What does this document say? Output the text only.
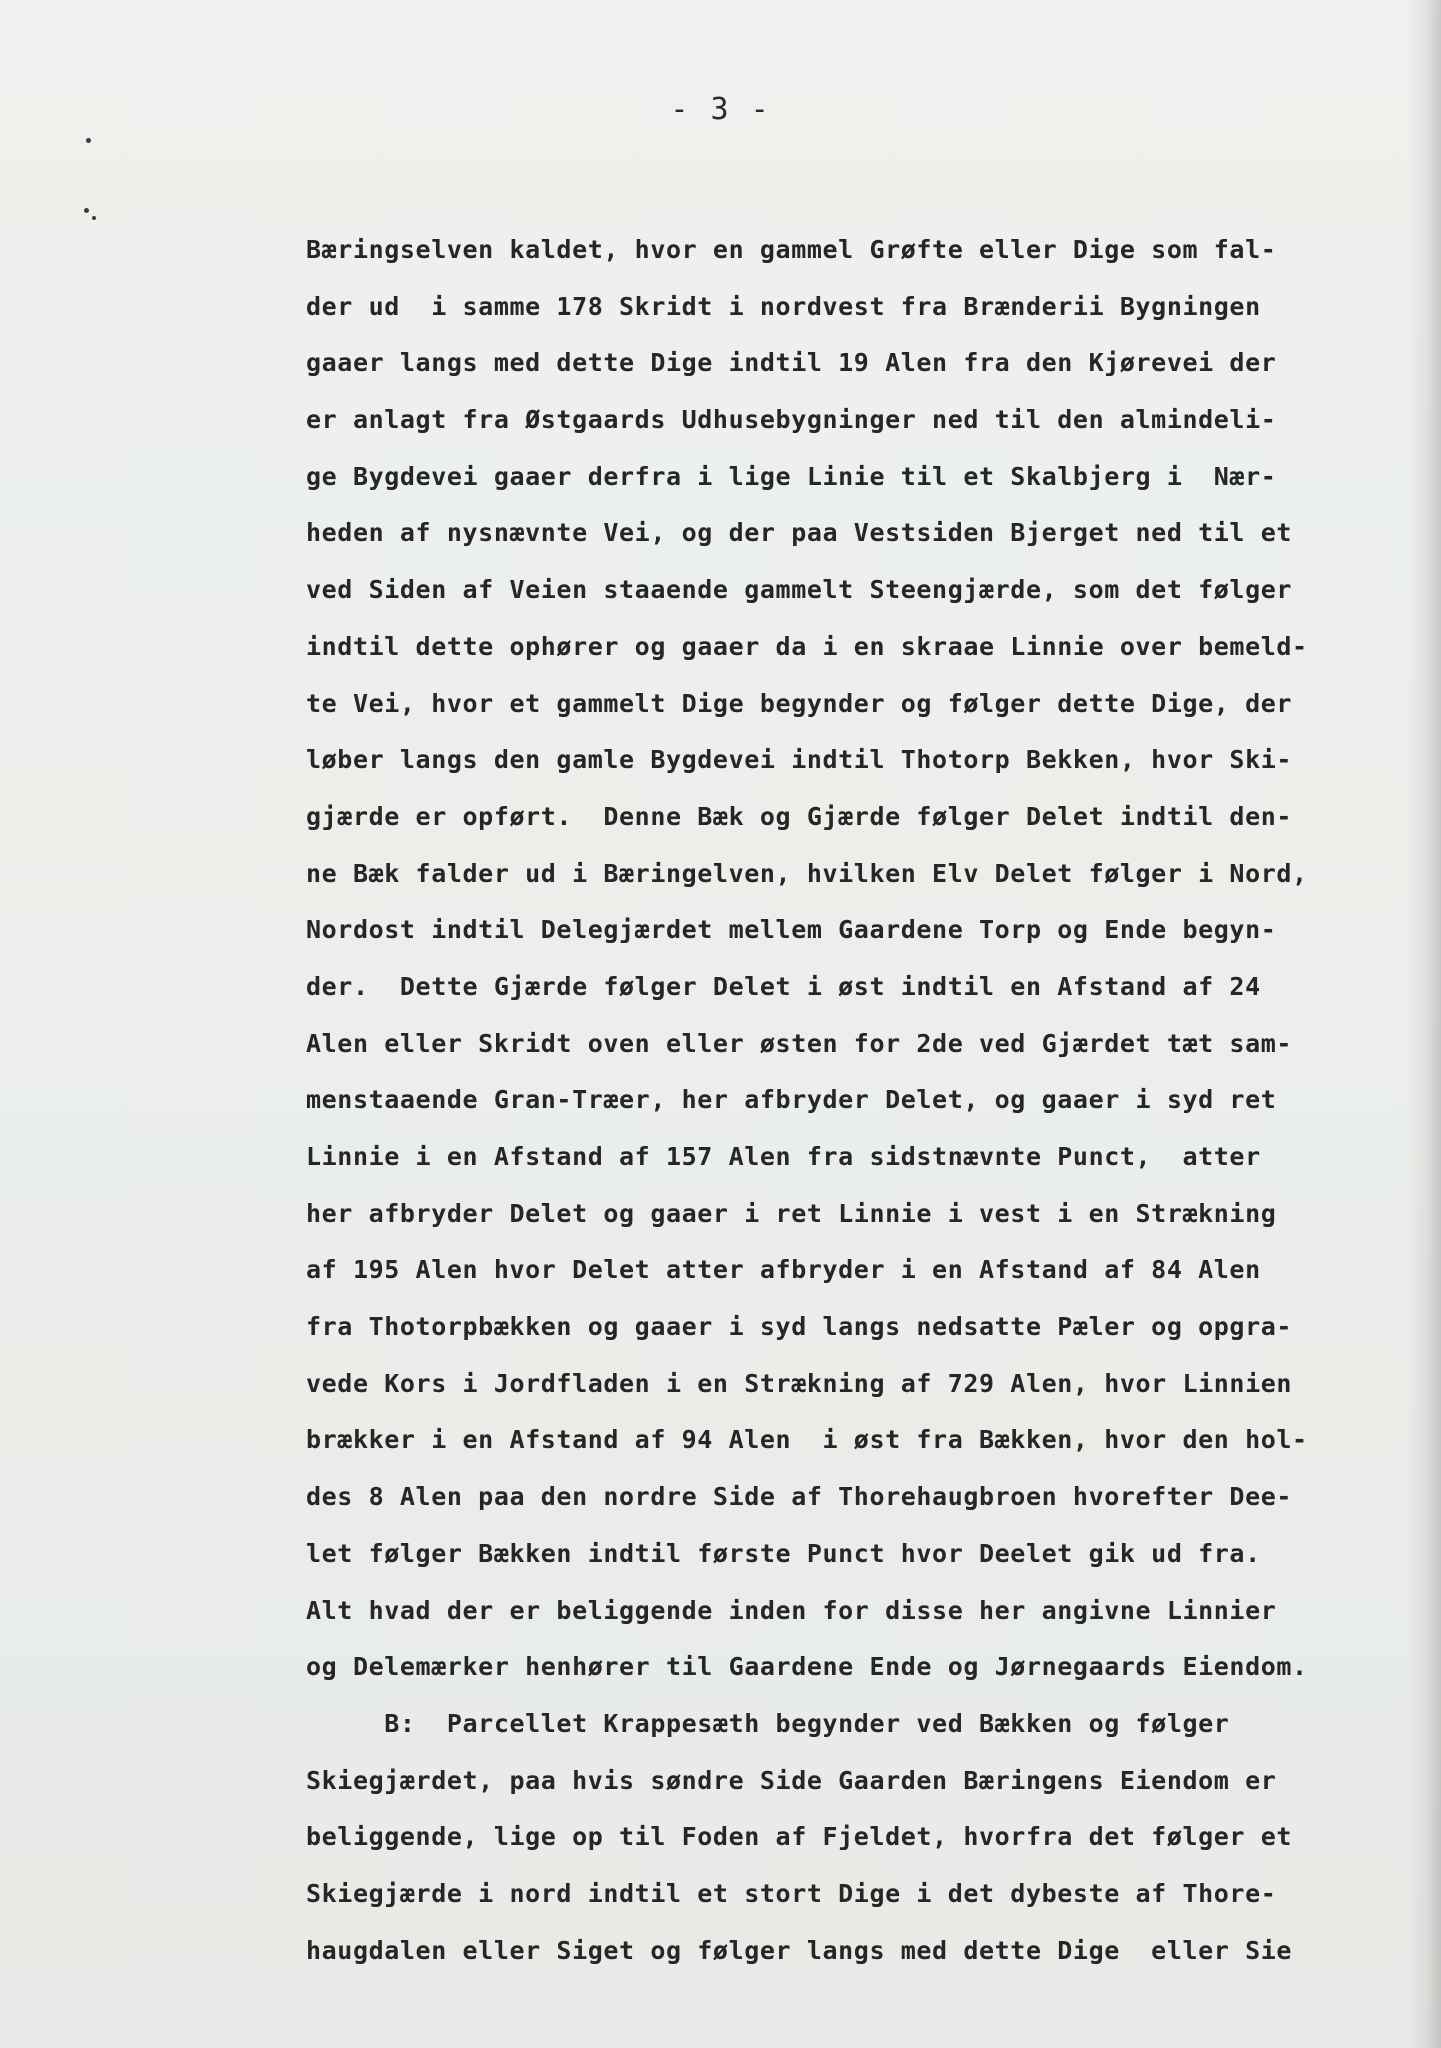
- 3 -
Bæringselven kaldet, hvor en gammel Grøfte eller Dige som fal-
der ud  i samme 178 Skridt i nordvest fra Brænderii Bygningen
gaaer langs med dette Dige indtil 19 Alen fra den Kjørevei der
er anlagt fra Østgaards Udhusebygninger ned til den almindeli-
ge Bygdevei gaaer derfra i lige Linie til et Skalbjerg i  Nær-
heden af nysnævnte Vei, og der paa Vestsiden Bjerget ned til et
ved Siden af Veien staaende gammelt Steengjærde, som det følger
indtil dette ophører og gaaer da i en skraae Linnie over bemeld-
te Vei, hvor et gammelt Dige begynder og følger dette Dige, der
løber langs den gamle Bygdevei indtil Thotorp Bekken, hvor Ski-
gjærde er opført.  Denne Bæk og Gjærde følger Delet indtil den-
ne Bæk falder ud i Bæringelven, hvilken Elv Delet følger i Nord,
Nordost indtil Delegjærdet mellem Gaardene Torp og Ende begyn-
der.  Dette Gjærde følger Delet i øst indtil en Afstand af 24
Alen eller Skridt oven eller østen for 2de ved Gjærdet tæt sam-
menstaaende Gran-Træer, her afbryder Delet, og gaaer i syd ret
Linnie i en Afstand af 157 Alen fra sidstnævnte Punct,  atter
her afbryder Delet og gaaer i ret Linnie i vest i en Strækning
af 195 Alen hvor Delet atter afbryder i en Afstand af 84 Alen
fra Thotorpbækken og gaaer i syd langs nedsatte Pæler og opgra-
vede Kors i Jordfladen i en Strækning af 729 Alen, hvor Linnien
brækker i en Afstand af 94 Alen  i øst fra Bækken, hvor den hol-
des 8 Alen paa den nordre Side af Thorehaugbroen hvorefter Dee-
let følger Bækken indtil første Punct hvor Deelet gik ud fra.
Alt hvad der er beliggende inden for disse her angivne Linnier
og Delemærker henhører til Gaardene Ende og Jørnegaards Eiendom.
B:  Parcellet Krappesæth begynder ved Bækken og følger
Skiegjærdet, paa hvis søndre Side Gaarden Bæringens Eiendom er
beliggende, lige op til Foden af Fjeldet, hvorfra det følger et
Skiegjærde i nord indtil et stort Dige i det dybeste af Thore-
haugdalen eller Siget og følger langs med dette Dige  eller Sie
